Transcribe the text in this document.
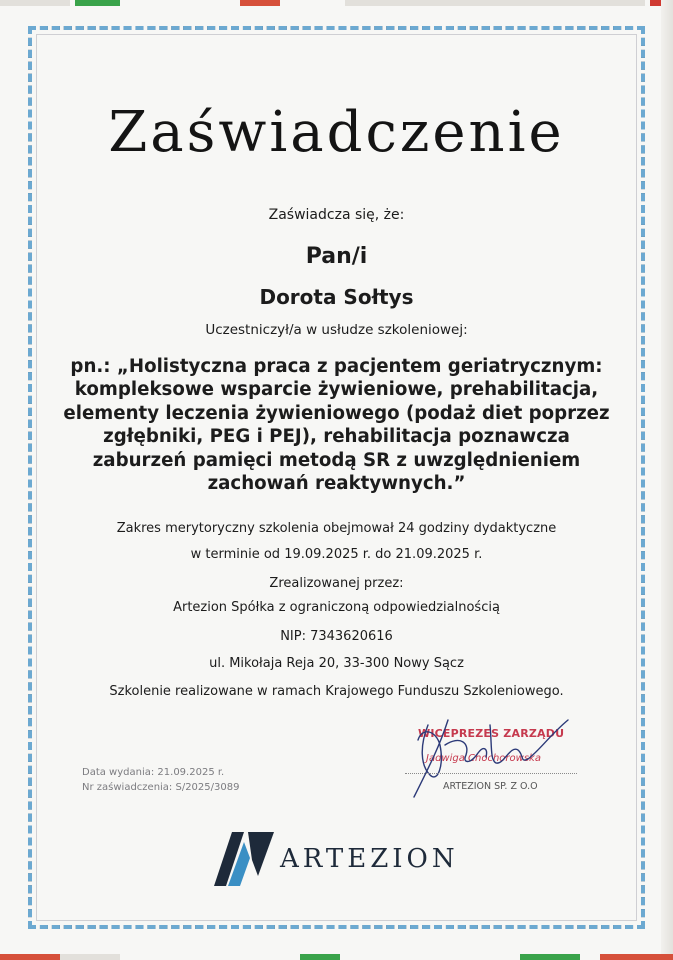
Zaświadczenie

Zaświadcza się, że:

Pan/i

Dorota Sołtys

Uczestniczył/a w usłudze szkoleniowej:

pn.: „Holistyczna praca z pacjentem geriatrycznym:
kompleksowe wsparcie żywieniowe, prehabilitacja,
elementy leczenia żywieniowego (podaż diet poprzez
zgłębniki, PEG i PEJ), rehabilitacja poznawcza
zaburzeń pamięci metodą SR z uwzględnieniem
zachowań reaktywnych.”

Zakres merytoryczny szkolenia obejmował 24 godziny dydaktyczne

w terminie od 19.09.2025 r. do 21.09.2025 r.

Zrealizowanej przez:

Artezion Spółka z ograniczoną odpowiedzialnością

NIP: 7343620616

ul. Mikołaja Reja 20, 33-300 Nowy Sącz

Szkolenie realizowane w ramach Krajowego Funduszu Szkoleniowego.

Data wydania: 21.09.2025 r.
Nr zaświadczenia: S/2025/3089
WICEPREZES ZARZĄDU
Jadwiga Chochorowska
ARTEZION SP. Z O.O
ARTEZION
